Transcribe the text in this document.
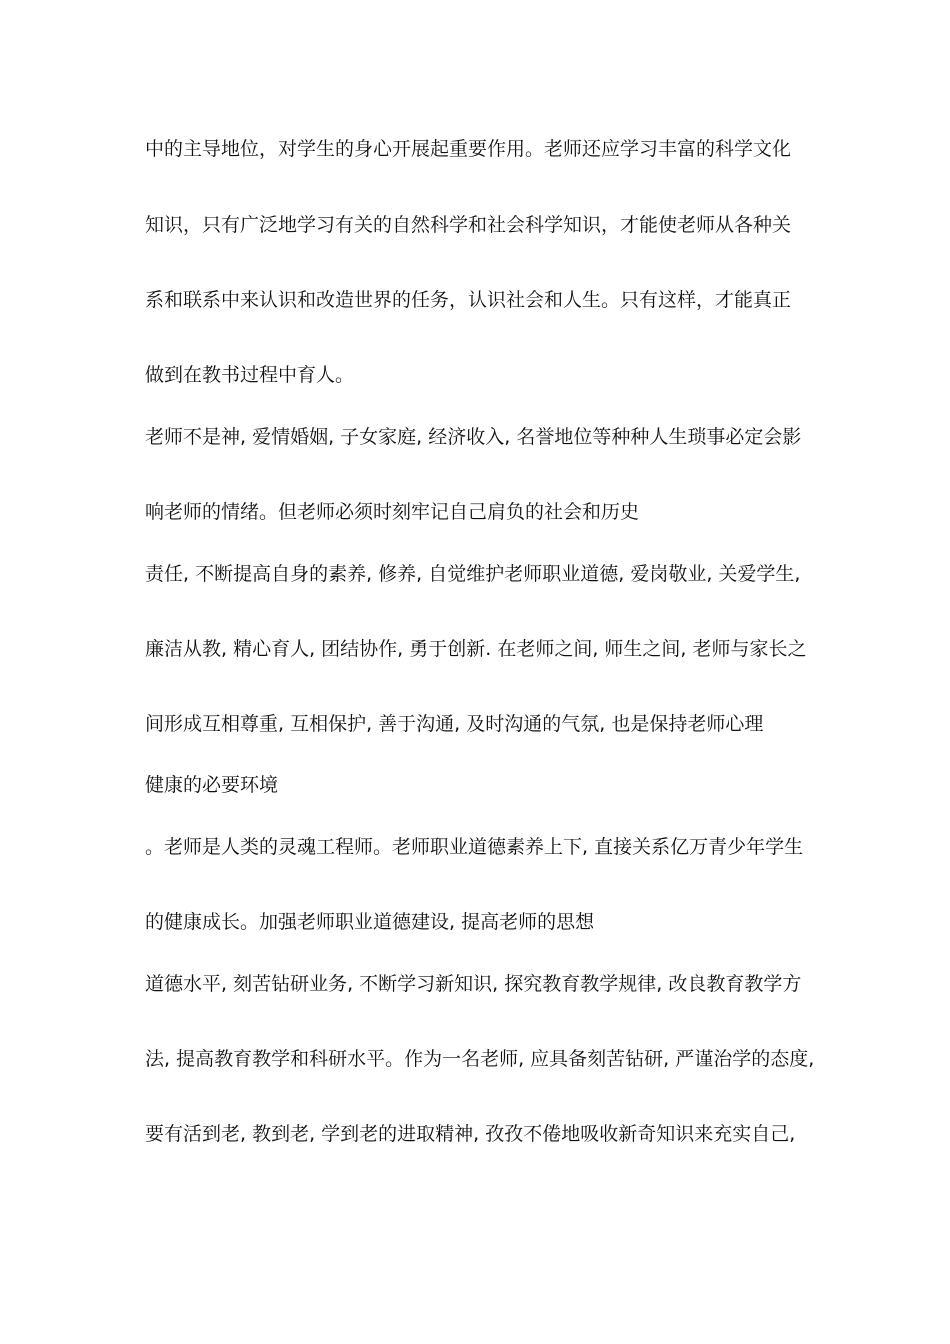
中的主导地位，对学生的身心开展起重要作用。老师还应学习丰富的科学文化
知识，只有广泛地学习有关的自然科学和社会科学知识，才能使老师从各种关
系和联系中来认识和改造世界的任务，认识社会和人生。只有这样，才能真正
做到在教书过程中育人。
老师不是神, 爱情婚姻, 子女家庭, 经济收入, 名誉地位等种种人生琐事必定会影
响老师的情绪。但老师必须时刻牢记自己肩负的社会和历史
责任, 不断提高自身的素养, 修养, 自觉维护老师职业道德, 爱岗敬业, 关爱学生,
廉洁从教, 精心育人, 团结协作, 勇于创新. 在老师之间, 师生之间, 老师与家长之
间形成互相尊重, 互相保护, 善于沟通, 及时沟通的气氛, 也是保持老师心理
健康的必要环境
。老师是人类的灵魂工程师。老师职业道德素养上下, 直接关系亿万青少年学生
的健康成长。加强老师职业道德建设, 提高老师的思想
道德水平, 刻苦钻研业务, 不断学习新知识, 探究教育教学规律, 改良教育教学方
法, 提高教育教学和科研水平。作为一名老师, 应具备刻苦钻研, 严谨治学的态度,
要有活到老, 教到老, 学到老的进取精神, 孜孜不倦地吸收新奇知识来充实自己,
